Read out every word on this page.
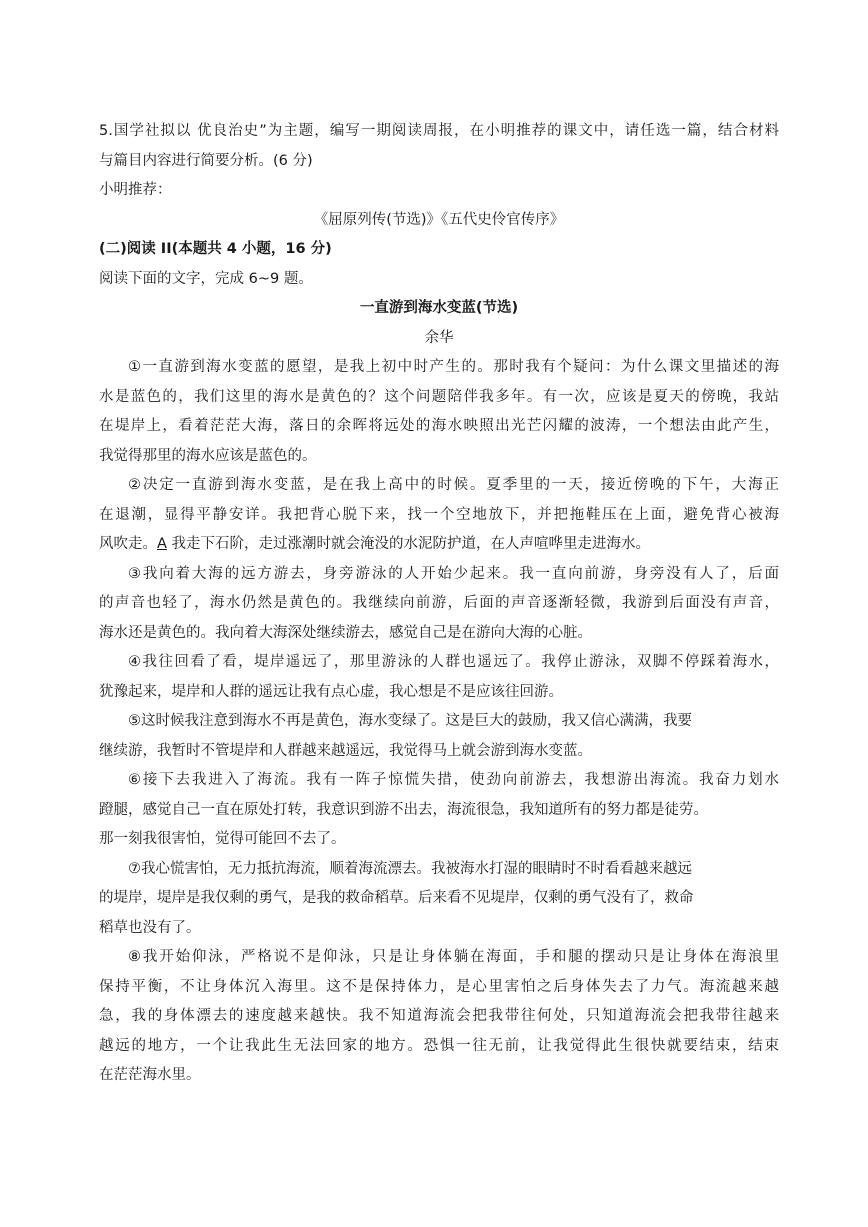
5.国学社拟以 优良治史”为主题，编写一期阅读周报，在小明推荐的课文中，请任选一篇，结合材料
与篇目内容进行简要分析。(6 分)
小明推荐：
《屈原列传(节选)》《五代史伶官传序》
(二)阅读 II(本题共 4 小题，16 分)
阅读下面的文字，完成 6~9 题。
一直游到海水变蓝(节选)
余华
①一直游到海水变蓝的愿望，是我上初中时产生的。那时我有个疑问：为什么课文里描述的海
水是蓝色的，我们这里的海水是黄色的？这个问题陪伴我多年。有一次，应该是夏天的傍晚，我站
在堤岸上，看着茫茫大海，落日的余晖将远处的海水映照出光芒闪耀的波涛，一个想法由此产生，
我觉得那里的海水应该是蓝色的。
②决定一直游到海水变蓝，是在我上高中的时候。夏季里的一天，接近傍晚的下午，大海正
在退潮，显得平静安详。我把背心脱下来，找一个空地放下，并把拖鞋压在上面，避免背心被海
风吹走。A 我走下石阶，走过涨潮时就会淹没的水泥防护道，在人声喧哗里走进海水。
③我向着大海的远方游去，身旁游泳的人开始少起来。我一直向前游，身旁没有人了，后面
的声音也轻了，海水仍然是黄色的。我继续向前游，后面的声音逐渐轻微，我游到后面没有声音，
海水还是黄色的。我向着大海深处继续游去，感觉自己是在游向大海的心脏。
④我往回看了看，堤岸遥远了，那里游泳的人群也遥远了。我停止游泳，双脚不停踩着海水，
犹豫起来，堤岸和人群的遥远让我有点心虚，我心想是不是应该往回游。
⑤这时候我注意到海水不再是黄色，海水变绿了。这是巨大的鼓励，我又信心满满，我要
继续游，我暂时不管堤岸和人群越来越遥远，我觉得马上就会游到海水变蓝。
⑥接下去我进入了海流。我有一阵子惊慌失措，使劲向前游去，我想游出海流。我奋力划水
蹬腿，感觉自己一直在原处打转，我意识到游不出去，海流很急，我知道所有的努力都是徒劳。
那一刻我很害怕，觉得可能回不去了。
⑦我心慌害怕，无力抵抗海流，顺着海流漂去。我被海水打湿的眼睛时不时看看越来越远
的堤岸，堤岸是我仅剩的勇气，是我的救命稻草。后来看不见堤岸，仅剩的勇气没有了，救命
稻草也没有了。
⑧我开始仰泳，严格说不是仰泳，只是让身体躺在海面，手和腿的摆动只是让身体在海浪里
保持平衡，不让身体沉入海里。这不是保持体力，是心里害怕之后身体失去了力气。海流越来越
急，我的身体漂去的速度越来越快。我不知道海流会把我带往何处，只知道海流会把我带往越来
越远的地方，一个让我此生无法回家的地方。恐惧一往无前，让我觉得此生很快就要结束，结束
在茫茫海水里。
